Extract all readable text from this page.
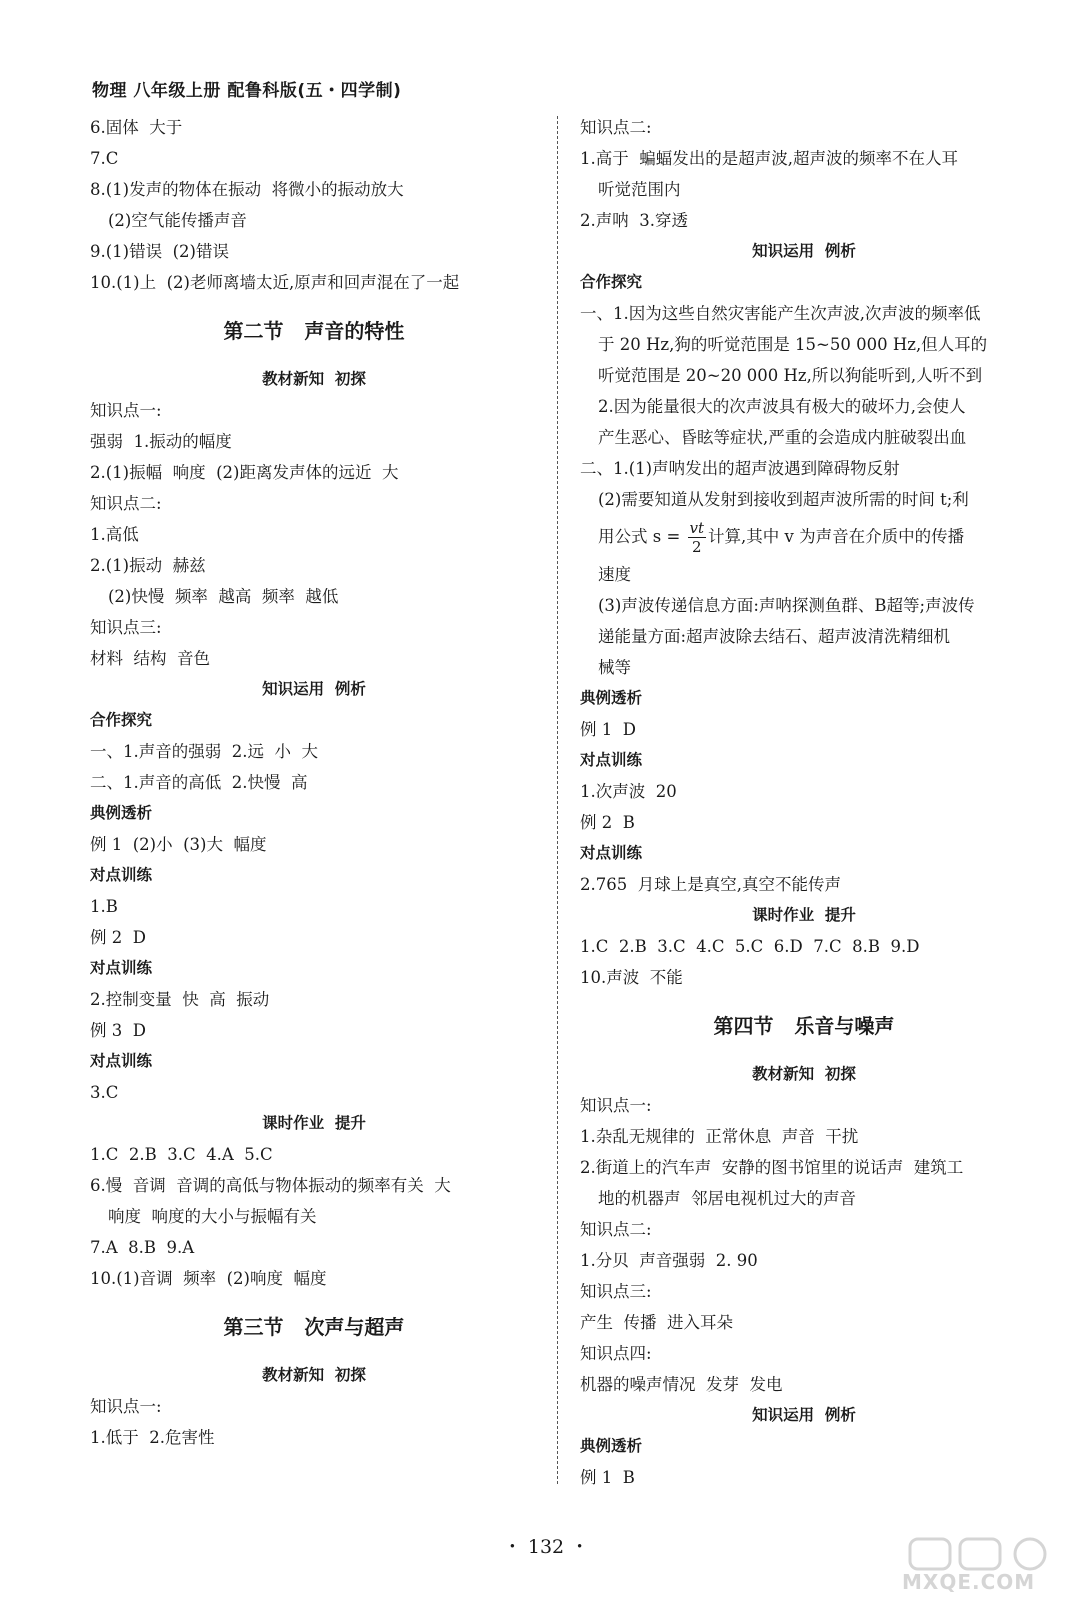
物理 八年级上册 配鲁科版(五・四学制)
6.固体  大于
7.C
8.(1)发声的物体在振动  将微小的振动放大
(2)空气能传播声音
9.(1)错误  (2)错误
10.(1)上  (2)老师离墙太近,原声和回声混在了一起
第二节   声音的特性
教材新知  初探
知识点一:
强弱  1.振动的幅度
2.(1)振幅  响度  (2)距离发声体的远近  大
知识点二:
1.高低
2.(1)振动  赫兹
(2)快慢  频率  越高  频率  越低
知识点三:
材料  结构  音色
知识运用  例析
合作探究
一、1.声音的强弱  2.远  小  大
二、1.声音的高低  2.快慢  高
典例透析
例 1  (2)小  (3)大  幅度
对点训练
1.B
例 2  D
对点训练
2.控制变量  快  高  振动
例 3  D
对点训练
3.C
课时作业  提升
1.C  2.B  3.C  4.A  5.C
6.慢  音调  音调的高低与物体振动的频率有关  大
响度  响度的大小与振幅有关
7.A  8.B  9.A
10.(1)音调  频率  (2)响度  幅度
第三节   次声与超声
教材新知  初探
知识点一:
1.低于  2.危害性
知识点二:
1.高于  蝙蝠发出的是超声波,超声波的频率不在人耳
听觉范围内
2.声呐  3.穿透
知识运用  例析
合作探究
一、1.因为这些自然灾害能产生次声波,次声波的频率低
于 20 Hz,狗的听觉范围是 15~50 000 Hz,但人耳的
听觉范围是 20~20 000 Hz,所以狗能听到,人听不到
2.因为能量很大的次声波具有极大的破坏力,会使人
产生恶心、昏眩等症状,严重的会造成内脏破裂出血
二、1.(1)声呐发出的超声波遇到障碍物反射
(2)需要知道从发射到接收到超声波所需的时间 t;利
用公式 $s = \frac{vt}{2}$ 计算,其中 v 为声音在介质中的传播
速度
(3)声波传递信息方面:声呐探测鱼群、B超等;声波传
递能量方面:超声波除去结石、超声波清洗精细机
械等
典例透析
例 1  D
对点训练
1.次声波  20
例 2  B
对点训练
2.765  月球上是真空,真空不能传声
课时作业  提升
1.C  2.B  3.C  4.C  5.C  6.D  7.C  8.B  9.D
10.声波  不能
第四节   乐音与噪声
教材新知  初探
知识点一:
1.杂乱无规律的  正常休息  声音  干扰
2.街道上的汽车声  安静的图书馆里的说话声  建筑工
地的机器声  邻居电视机过大的声音
知识点二:
1.分贝  声音强弱  2. 90
知识点三:
产生  传播  进入耳朵
知识点四:
机器的噪声情况  发芽  发电
知识运用  例析
典例透析
例 1  B
・ 132 ・
MXQE.COM
